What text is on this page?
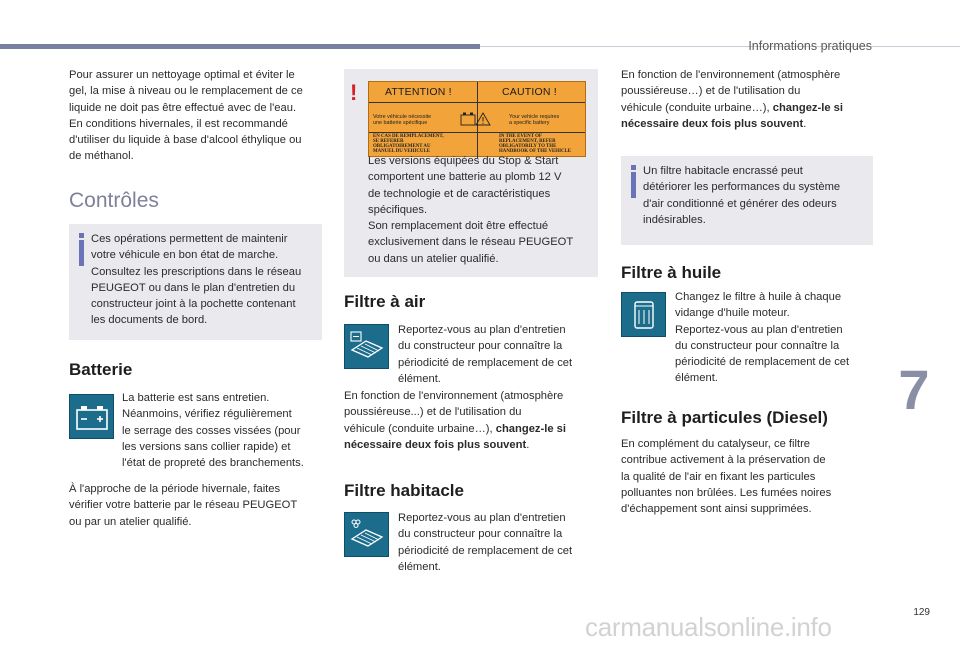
Informations pratiques

Pour assurer un nettoyage optimal et éviter le

gel, la mise à niveau ou le remplacement de ce

liquide ne doit pas être effectué avec de l'eau.

En conditions hivernales, il est recommandé

d'utiliser du liquide à base d'alcool éthylique ou

de méthanol.

Contrôles

Ces opérations permettent de maintenir

votre véhicule en bon état de marche.

Consultez les prescriptions dans le réseau

PEUGEOT ou dans le plan d'entretien du

constructeur joint à la pochette contenant

les documents de bord.

Batterie

La batterie est sans entretien.

Néanmoins, vérifiez régulièrement

le serrage des cosses vissées (pour

les versions sans collier rapide) et

l'état de propreté des branchements.

À l'approche de la période hivernale, faites

vérifier votre batterie par le réseau PEUGEOT

ou par un atelier qualifié.

ATTENTION !	CAUTION !
Votre véhicule nécessite
une batterie spécifique
Your vehicle requires
a specific battery
EN CAS DE REMPLACEMENT,
SE REFERER
OBLIGATOIREMENT AU
MANUEL DU VEHICULE
IN THE EVENT OF
REPLACEMENT, REFER
OBLIGATORILY TO THE
HANDBOOK OF THE VEHICLE

Les versions équipées du Stop & Start

comportent une batterie au plomb 12 V

de technologie et de caractéristiques

spécifiques.

Son remplacement doit être effectué

exclusivement dans le réseau PEUGEOT

ou dans un atelier qualifié.

!
Filtre à air

Reportez-vous au plan d'entretien

du constructeur pour connaître la

périodicité de remplacement de cet

élément.

En fonction de l'environnement (atmosphère

poussiéreuse...) et de l'utilisation du

véhicule (conduite urbaine…), changez-le si

nécessaire deux fois plus souvent.

Filtre habitacle

Reportez-vous au plan d'entretien

du constructeur pour connaître la

périodicité de remplacement de cet

élément.

En fonction de l'environnement (atmosphère

poussiéreuse…) et de l'utilisation du

véhicule (conduite urbaine…), changez-le si

nécessaire deux fois plus souvent.

Un filtre habitacle encrassé peut

détériorer les performances du système

d'air conditionné et générer des odeurs

indésirables.

Filtre à huile

Changez le filtre à huile à chaque

vidange d'huile moteur.

Reportez-vous au plan d'entretien

du constructeur pour connaître la

périodicité de remplacement de cet

élément.

Filtre à particules (Diesel)

En complément du catalyseur, ce filtre

contribue activement à la préservation de

la qualité de l'air en fixant les particules

polluantes non brûlées. Les fumées noires

d'échappement sont ainsi supprimées.

7
129
carmanualsonline.info
